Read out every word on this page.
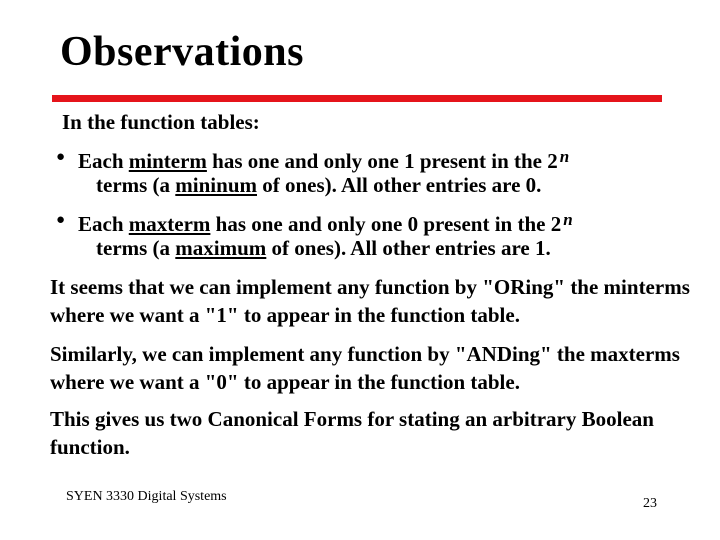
Observations
In the function tables:
● Each minterm has one and only one 1 present in the 2 $^n$
terms (a mininum of ones). All other entries are 0.
● Each maxterm has one and only one 0 present in the 2 $^n$
terms (a maximum of ones). All other entries are 1.
It seems that we can implement any function by "ORing" the minterms where we want a "1" to appear in the function table.
Similarly, we can implement any function by "ANDing" the maxterms where we want a "0" to appear in the function table.
This gives us two Canonical Forms for stating an arbitrary Boolean function.
SYEN 3330 Digital Systems	23
